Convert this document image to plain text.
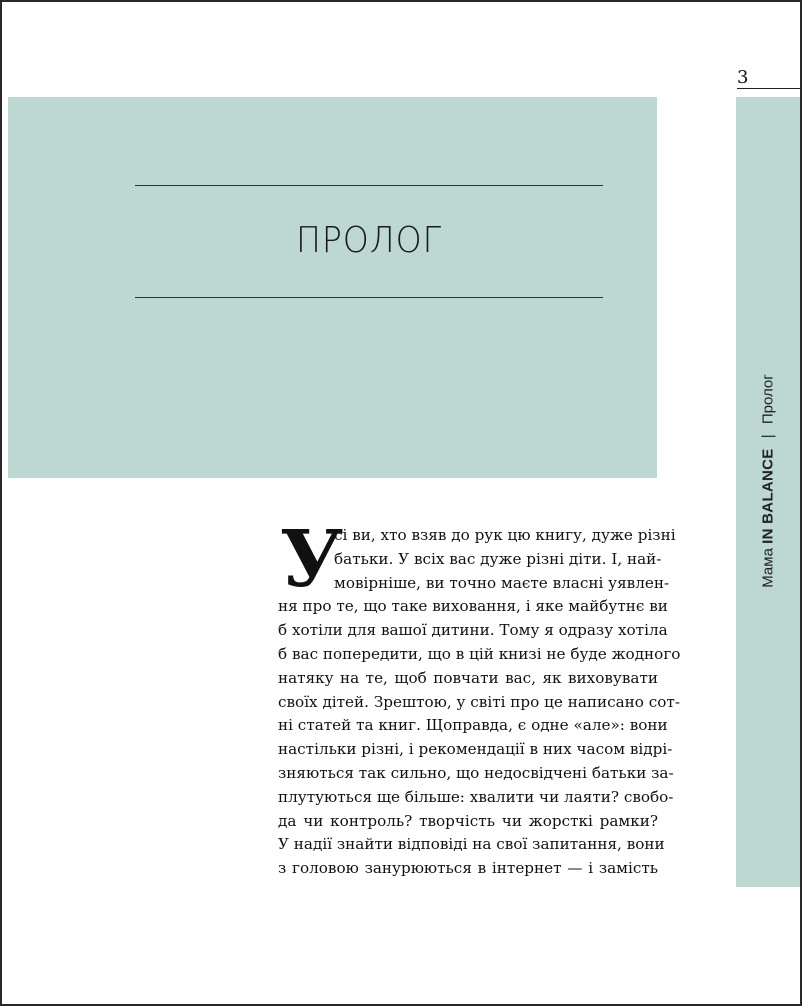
3
ПРОЛОГ
Мама IN BALANCE | Пролог
У
сі ви, хто взяв до рук цю книгу, дуже різні
батьки. У всіх вас дуже різні діти. І, най-
мовірніше, ви точно маєте власні уявлен-
ня про те, що таке виховання, і яке майбутнє ви
б хотіли для вашої дитини. Тому я одразу хотіла
б вас попередити, що в цій книзі не буде жодного
натяку на те, щоб повчати вас, як виховувати
своїх дітей. Зрештою, у світі про це написано сот-
ні статей та книг. Щоправда, є одне «але»: вони
настільки різні, і рекомендації в них часом відрі-
зняються так сильно, що недосвідчені батьки за-
плутуються ще більше: хвалити чи лаяти? свобо-
да чи контроль? творчість чи жорсткі рамки?
У надії знайти відповіді на свої запитання, вони
з головою занурюються в інтернет — і замість
